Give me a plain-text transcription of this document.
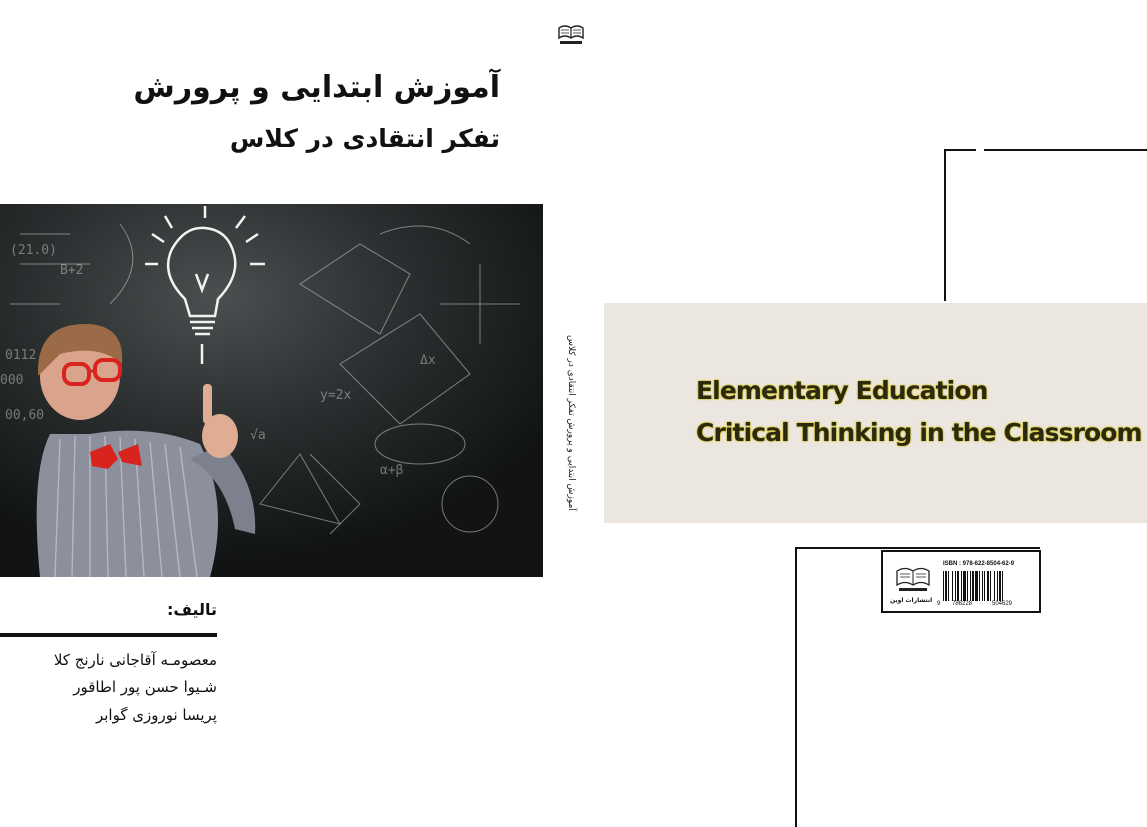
آموزش ابتدایی و پرورش
تفکر انتقادی در کلاس
(21.0)
0112
000
00,60
y=2x
Δx
√a
α+β
B+2
آموزش ابتدایی و پرورش تفکر انتقادی در کلاس
تالیف:
معصومـه آقاجانی نارنج کلا
شـیوا حسن پور اطاقور
پریسا نوروزی گوابر
Elementary Education
Critical Thinking in the Classroom
انتشارات اوین
ISBN : 978-622-8504-62-9
9 786228	504629
